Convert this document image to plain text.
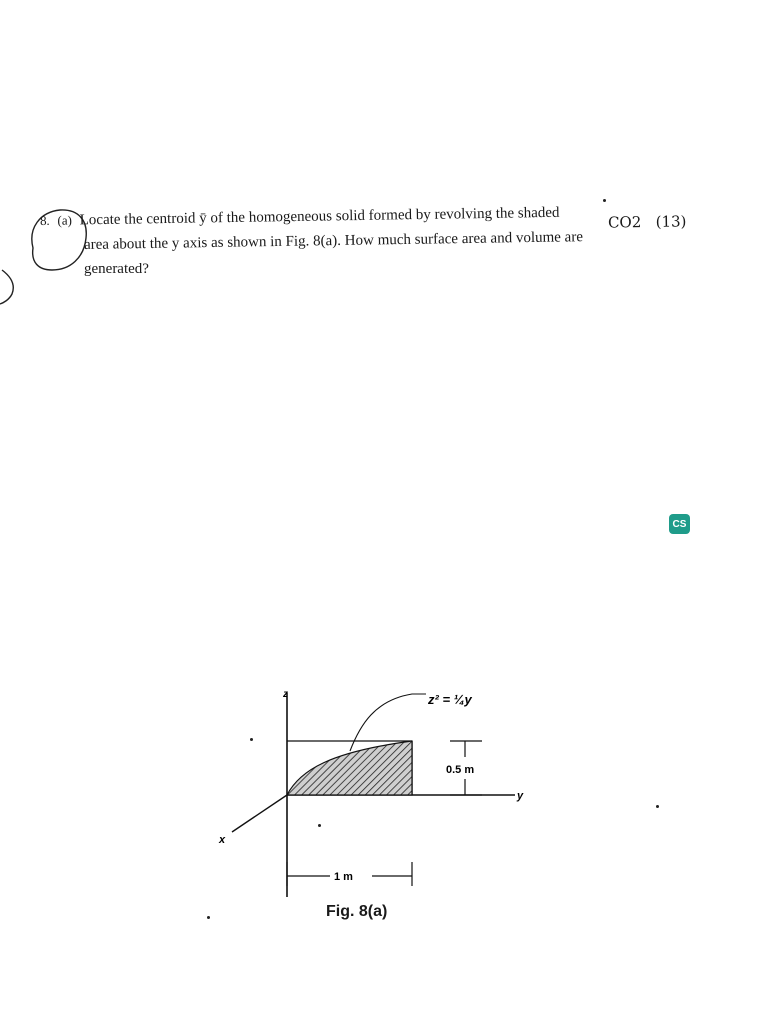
8. (a) Locate the centroid ȳ of the homogeneous solid formed by revolving the shaded	CO2 (13)
area about the y axis as shown in Fig. 8(a). How much surface area and volume are
generated?
CS
z
y
x
z² = ¼y
0.5 m
1 m
Fig. 8(a)
